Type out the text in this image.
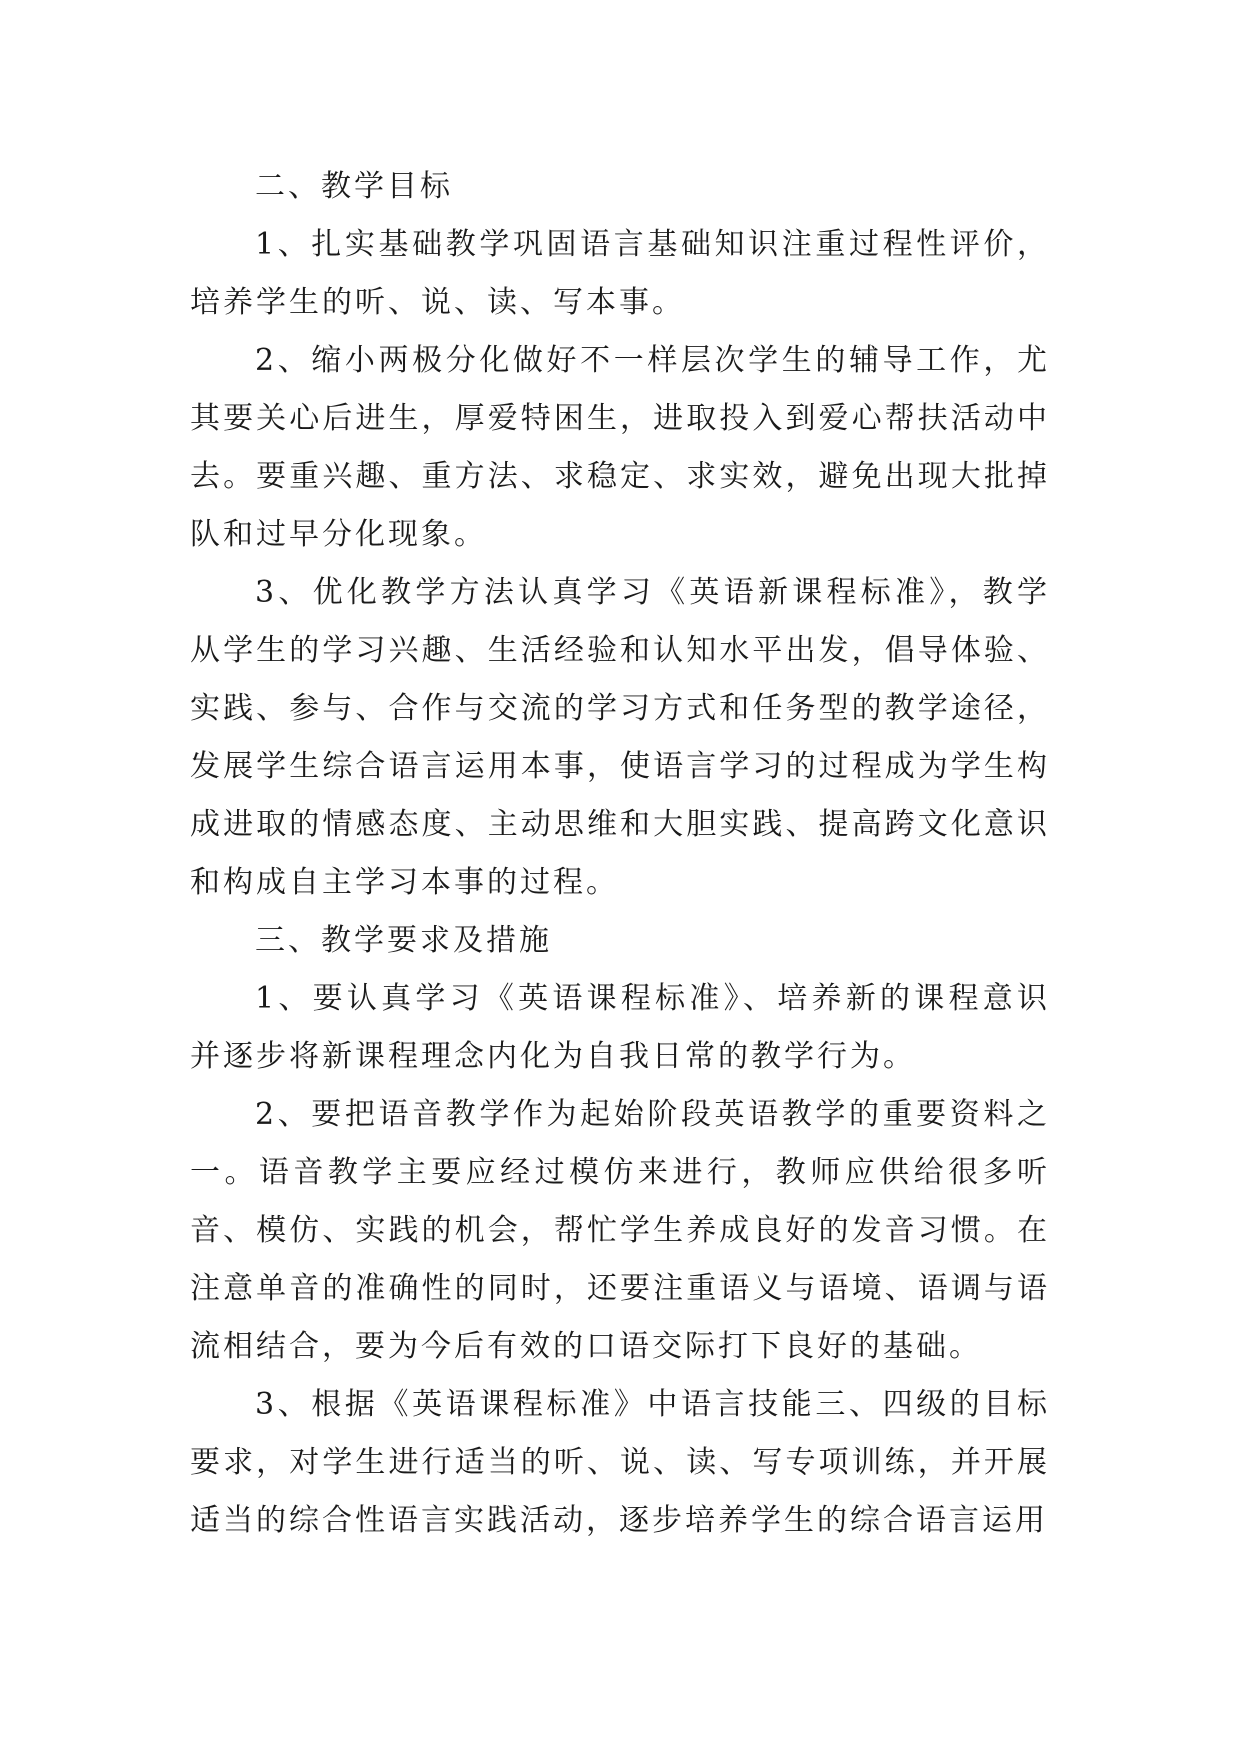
二、教学目标

1、扎实基础教学巩固语言基础知识注重过程性评价，培养学生的听、说、读、写本事。

2、缩小两极分化做好不一样层次学生的辅导工作，尤其要关心后进生，厚爱特困生，进取投入到爱心帮扶活动中去。要重兴趣、重方法、求稳定、求实效，避免出现大批掉队和过早分化现象。

3、优化教学方法认真学习《英语新课程标准》，教学从学生的学习兴趣、生活经验和认知水平出发，倡导体验、实践、参与、合作与交流的学习方式和任务型的教学途径，发展学生综合语言运用本事，使语言学习的过程成为学生构成进取的情感态度、主动思维和大胆实践、提高跨文化意识和构成自主学习本事的过程。

三、教学要求及措施

1、要认真学习《英语课程标准》、培养新的课程意识并逐步将新课程理念内化为自我日常的教学行为。

2、要把语音教学作为起始阶段英语教学的重要资料之一。语音教学主要应经过模仿来进行，教师应供给很多听音、模仿、实践的机会，帮忙学生养成良好的发音习惯。在注意单音的准确性的同时，还要注重语义与语境、语调与语流相结合，要为今后有效的口语交际打下良好的基础。

3、根据《英语课程标准》中语言技能三、四级的目标要求，对学生进行适当的听、说、读、写专项训练，并开展适当的综合性语言实践活动，逐步培养学生的综合语言运用
